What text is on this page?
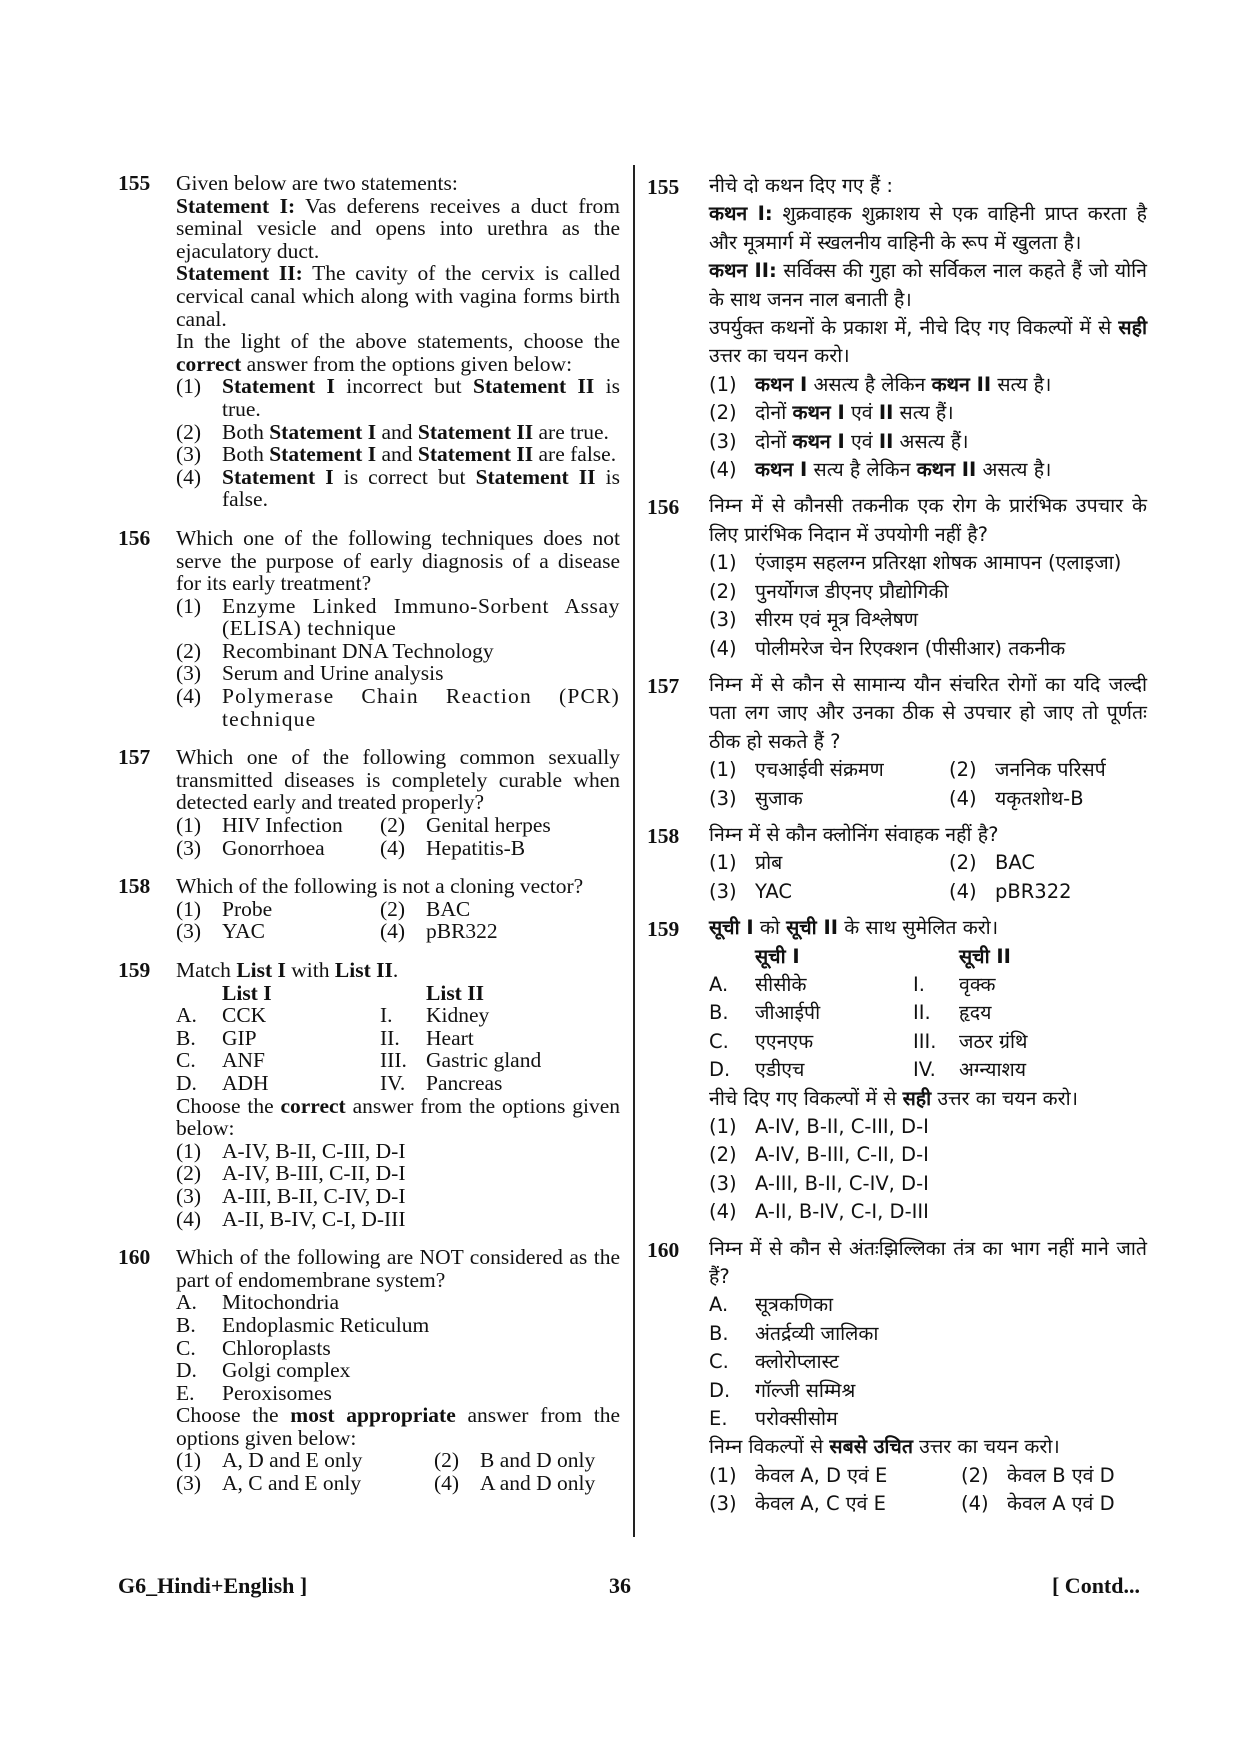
155 Given below are two statements:
Statement I: Vas deferens receives a duct from seminal vesicle and opens into urethra as the ejaculatory duct.
Statement II: The cavity of the cervix is called cervical canal which along with vagina forms birth canal.
In the light of the above statements, choose the correct answer from the options given below:
(1) Statement I incorrect but Statement II is true.
(2) Both Statement I and Statement II are true.
(3) Both Statement I and Statement II are false.
(4) Statement I is correct but Statement II is false.
156 Which one of the following techniques does not serve the purpose of early diagnosis of a disease for its early treatment?
(1) Enzyme Linked Immuno-Sorbent Assay (ELISA) technique
(2) Recombinant DNA Technology
(3) Serum and Urine analysis
(4) Polymerase Chain Reaction (PCR) technique
157 Which one of the following common sexually transmitted diseases is completely curable when detected early and treated properly?
(1) HIV Infection	(2) Genital herpes
(3) Gonorrhoea	(4) Hepatitis-B
158 Which of the following is not a cloning vector?
(1) Probe	(2) BAC
(3) YAC	(4) pBR322
159 Match List I with List II.
List I	List II
A.	CCK	I.	Kidney
B.	GIP	II.	Heart
C.	ANF	III. Gastric gland
D.	ADH	IV. Pancreas
Choose the correct answer from the options given below:
(1) A-IV, B-II, C-III, D-I
(2) A-IV, B-III, C-II, D-I
(3) A-III, B-II, C-IV, D-I
(4) A-II, B-IV, C-I, D-III
160 Which of the following are NOT considered as the part of endomembrane system?
A. Mitochondria
B. Endoplasmic Reticulum
C. Chloroplasts
D. Golgi complex
E. Peroxisomes
Choose the most appropriate answer from the options given below:
(1) A, D and E only	(2) B and D only
(3) A, C and E only	(4) A and D only
155 नीचे दो कथन दिए गए हैं :
कथन I: शुक्रवाहक शुक्राशय से एक वाहिनी प्राप्त करता है और मूत्रमार्ग में स्खलनीय वाहिनी के रूप में खुलता है।
कथन II: सर्विक्स की गुहा को सर्विकल नाल कहते हैं जो योनि के साथ जनन नाल बनाती है।
उपर्युक्त कथनों के प्रकाश में, नीचे दिए गए विकल्पों में से सही उत्तर का चयन करो।
(1) कथन I असत्य है लेकिन कथन II सत्य है।
(2) दोनों कथन I एवं II सत्य हैं।
(3) दोनों कथन I एवं II असत्य हैं।
(4) कथन I सत्य है लेकिन कथन II असत्य है।
156 निम्न में से कौनसी तकनीक एक रोग के प्रारंभिक उपचार के लिए प्रारंभिक निदान में उपयोगी नहीं है?
(1) एंजाइम सहलग्न प्रतिरक्षा शोषक आमापन (एलाइजा)
(2) पुनर्योगज डीएनए प्रौद्योगिकी
(3) सीरम एवं मूत्र विश्लेषण
(4) पोलीमरेज चेन रिएक्शन (पीसीआर) तकनीक
157 निम्न में से कौन से सामान्य यौन संचरित रोगों का यदि जल्दी पता लग जाए और उनका ठीक से उपचार हो जाए तो पूर्णतः ठीक हो सकते हैं ?
(1) एचआईवी संक्रमण	(2) जननिक परिसर्प
(3) सुजाक	(4) यकृतशोथ-B
158 निम्न में से कौन क्लोनिंग संवाहक नहीं है?
(1) प्रोब	(2) BAC
(3) YAC	(4) pBR322
159 सूची I को सूची II के साथ सुमेलित करो।
सूची I	सूची II
A.	सीसीके	I.	वृक्क
B.	जीआईपी	II.	हृदय
C.	एएनएफ	III.	जठर ग्रंथि
D.	एडीएच	IV.	अग्न्याशय
नीचे दिए गए विकल्पों में से सही उत्तर का चयन करो।
(1) A-IV, B-II, C-III, D-I
(2) A-IV, B-III, C-II, D-I
(3) A-III, B-II, C-IV, D-I
(4) A-II, B-IV, C-I, D-III
160 निम्न में से कौन से अंतःझिल्लिका तंत्र का भाग नहीं माने जाते हैं?
A. सूत्रकणिका
B. अंतर्द्रव्यी जालिका
C. क्लोरोप्लास्ट
D. गॉल्जी सम्मिश्र
E. परोक्सीसोम
निम्न विकल्पों से सबसे उचित उत्तर का चयन करो।
(1) केवल A, D एवं E	(2) केवल B एवं D
(3) केवल A, C एवं E	(4) केवल A एवं D
G6_Hindi+English ]	36	[ Contd...
